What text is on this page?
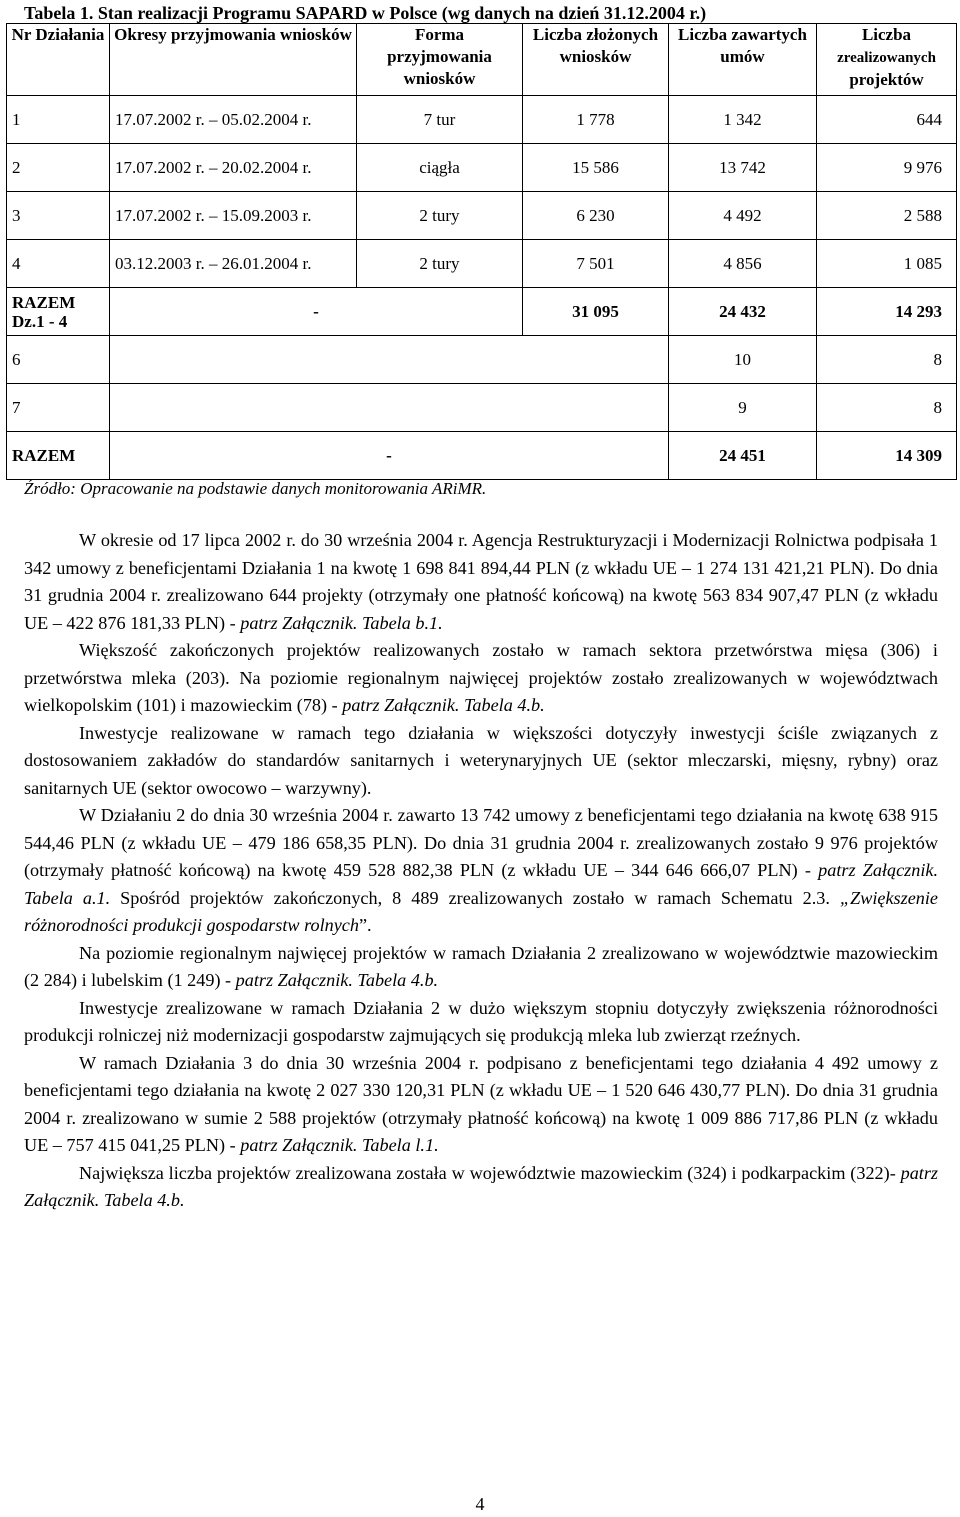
Tabela 1. Stan realizacji Programu SAPARD w Polsce (wg danych na dzień 31.12.2004 r.)
Nr Działania	Okresy przyjmowania wniosków	Forma przyjmowania wniosków	Liczba złożonych wniosków	Liczba zawartych umów	Liczba
zrealizowanych
projektów
1	17.07.2002 r. – 05.02.2004 r.	7 tur	1 778	1 342	644
2	17.07.2002 r. – 20.02.2004 r.	ciągła	15 586	13 742	9 976
3	17.07.2002 r. – 15.09.2003 r.	2 tury	6 230	4 492	2 588
4	03.12.2003 r. – 26.01.2004 r.	2 tury	7 501	4 856	1 085
RAZEM
Dz.1 - 4	-		31 095	24 432	14 293
6				10	8
7				9	8
RAZEM	-			24 451	14 309
Źródło: Opracowanie na podstawie danych monitorowania ARiMR.

W okresie od 17 lipca 2002 r. do 30 września 2004 r. Agencja Restrukturyzacji i Modernizacji Rolnictwa podpisała 1 342 umowy z beneficjentami Działania 1 na kwotę 1 698 841 894,44 PLN (z wkładu UE – 1 274 131 421,21 PLN). Do dnia 31 grudnia 2004 r. zrealizowano 644 projekty (otrzymały one płatność końcową) na kwotę 563 834 907,47 PLN (z wkładu UE – 422 876 181,33 PLN) - patrz Załącznik. Tabela b.1.

Większość zakończonych projektów realizowanych zostało w ramach sektora przetwórstwa mięsa (306) i przetwórstwa mleka (203). Na poziomie regionalnym najwięcej projektów zostało zrealizowanych w województwach wielkopolskim (101) i mazowieckim (78) - patrz Załącznik. Tabela 4.b.

Inwestycje realizowane w ramach tego działania w większości dotyczyły inwestycji ściśle związanych z dostosowaniem zakładów do standardów sanitarnych i weterynaryjnych UE (sektor mleczarski, mięsny, rybny) oraz sanitarnych UE (sektor owocowo – warzywny).

W Działaniu 2 do dnia 30 września 2004 r. zawarto 13 742 umowy z beneficjentami tego działania na kwotę 638 915 544,46 PLN (z wkładu UE – 479 186 658,35 PLN). Do dnia 31 grudnia 2004 r. zrealizowanych zostało 9 976 projektów (otrzymały płatność końcową) na kwotę 459 528 882,38 PLN (z wkładu UE – 344 646 666,07 PLN) - patrz Załącznik. Tabela a.1. Spośród projektów zakończonych, 8 489 zrealizowanych zostało w ramach Schematu 2.3. „Zwiększenie różnorodności produkcji gospodarstw rolnych”.

Na poziomie regionalnym najwięcej projektów w ramach Działania 2 zrealizowano w województwie mazowieckim (2 284) i lubelskim (1 249) - patrz Załącznik. Tabela 4.b.

Inwestycje zrealizowane w ramach Działania 2 w dużo większym stopniu dotyczyły zwiększenia różnorodności produkcji rolniczej niż modernizacji gospodarstw zajmujących się produkcją mleka lub zwierząt rzeźnych.

W ramach Działania 3 do dnia 30 września 2004 r. podpisano z beneficjentami tego działania 4 492 umowy z beneficjentami tego działania na kwotę 2 027 330 120,31 PLN (z wkładu UE – 1 520 646 430,77 PLN). Do dnia 31 grudnia 2004 r. zrealizowano w sumie 2 588 projektów (otrzymały płatność końcową) na kwotę 1 009 886 717,86 PLN (z wkładu UE – 757 415 041,25 PLN) - patrz Załącznik. Tabela l.1.

Największa liczba projektów zrealizowana została w województwie mazowieckim (324) i podkarpackim (322)- patrz Załącznik. Tabela 4.b.

4
